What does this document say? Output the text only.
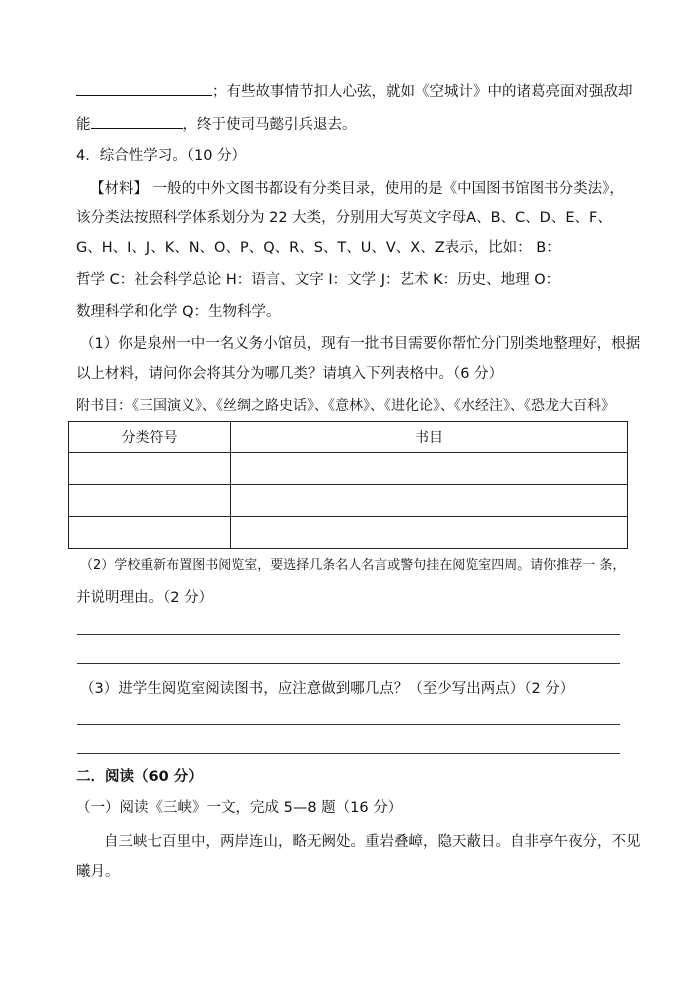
；有些故事情节扣人心弦，就如《空城计》中的诸葛亮面对强敌却
能	，终于使司马懿引兵退去。
4．综合性学习。（10 分）
【材料】 一般的中外文图书都设有分类目录，使用的是《中国图书馆图书分类法》，
该分类法按照科学体系划分为 22 大类，分别用大写英文字母A、B、C、D、E、F、
G、H、I、J、K、N、O、P、Q、R、S、T、U、V、X、Z表示，比如： B：
哲学 C：社会科学总论 H：语言、文字 I：文学 J：艺术 K：历史、地理 O：
数理科学和化学 Q：生物科学。
（1）你是泉州一中一名义务小馆员，现有一批书目需要你帮忙分门别类地整理好，根据
以上材料，请问你会将其分为哪几类？请填入下列表格中。（6 分）
附书目：《三国演义》、《丝绸之路史话》、《意林》、《进化论》、《水经注》、《恐龙大百科》
分类符号	书目

（2）学校重新布置图书阅览室，要选择几条名人名言或警句挂在阅览室四周。请你推荐一 条，
并说明理由。（2 分）
（3）进学生阅览室阅读图书，应注意做到哪几点？（至少写出两点）（2 分）
二．阅读（60 分）
（一）阅读《三峡》一文，完成 5—8 题（16 分）
自三峡七百里中，两岸连山，略无阙处。重岩叠嶂，隐天蔽日。自非亭午夜分，不见
曦月。
